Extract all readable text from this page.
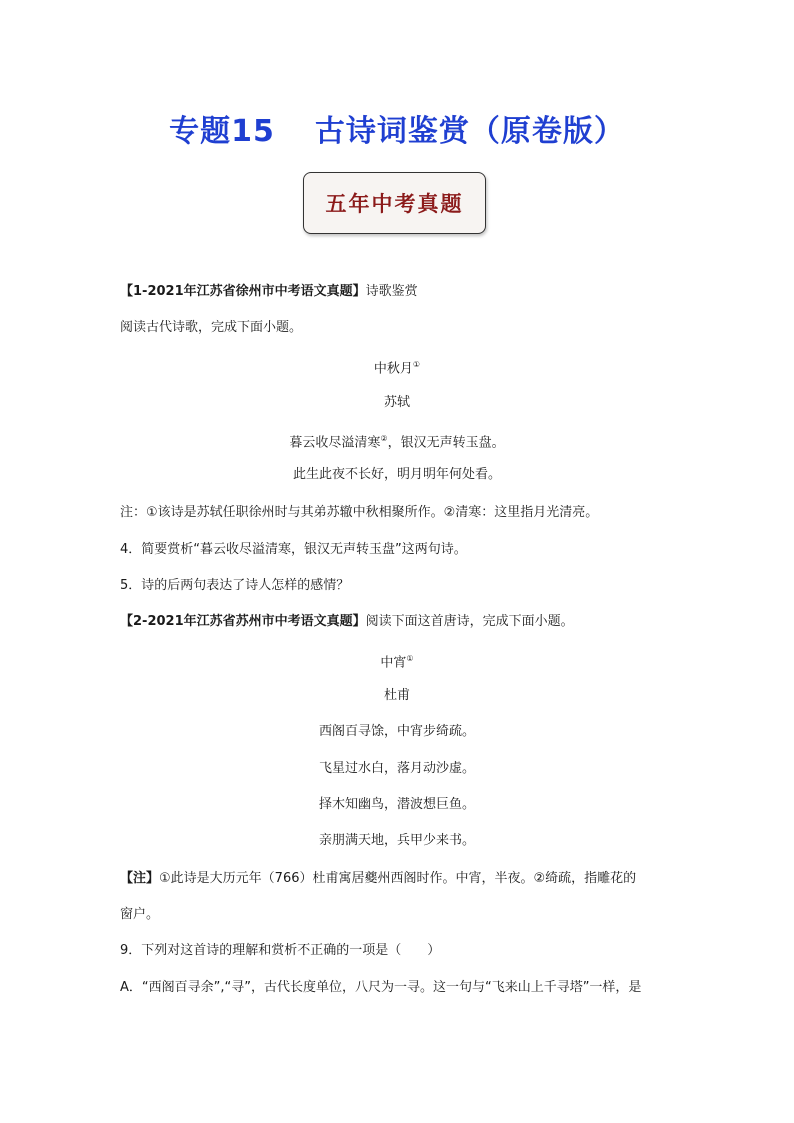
专题15 古诗词鉴赏（原卷版）
五年中考真题
【1-2021年江苏省徐州市中考语文真题】诗歌鉴赏
阅读古代诗歌，完成下面小题。
中秋月①
苏轼
暮云收尽溢清寒②，银汉无声转玉盘。
此生此夜不长好，明月明年何处看。
注：①该诗是苏轼任职徐州时与其弟苏辙中秋相聚所作。②清寒：这里指月光清亮。
4．简要赏析“暮云收尽溢清寒，银汉无声转玉盘”这两句诗。
5．诗的后两句表达了诗人怎样的感情？
【2-2021年江苏省苏州市中考语文真题】阅读下面这首唐诗，完成下面小题。
中宵①
杜甫
西阁百寻馀，中宵步绮疏。
飞星过水白，落月动沙虚。
择木知幽鸟，潜波想巨鱼。
亲朋满天地，兵甲少来书。
【注】①此诗是大历元年（766）杜甫寓居夔州西阁时作。中宵，半夜。②绮疏，指雕花的
窗户。
9．下列对这首诗的理解和赏析不正确的一项是（　　）
A．“西阁百寻余”,“寻”，古代长度单位，八尺为一寻。这一句与“飞来山上千寻塔”一样，是
